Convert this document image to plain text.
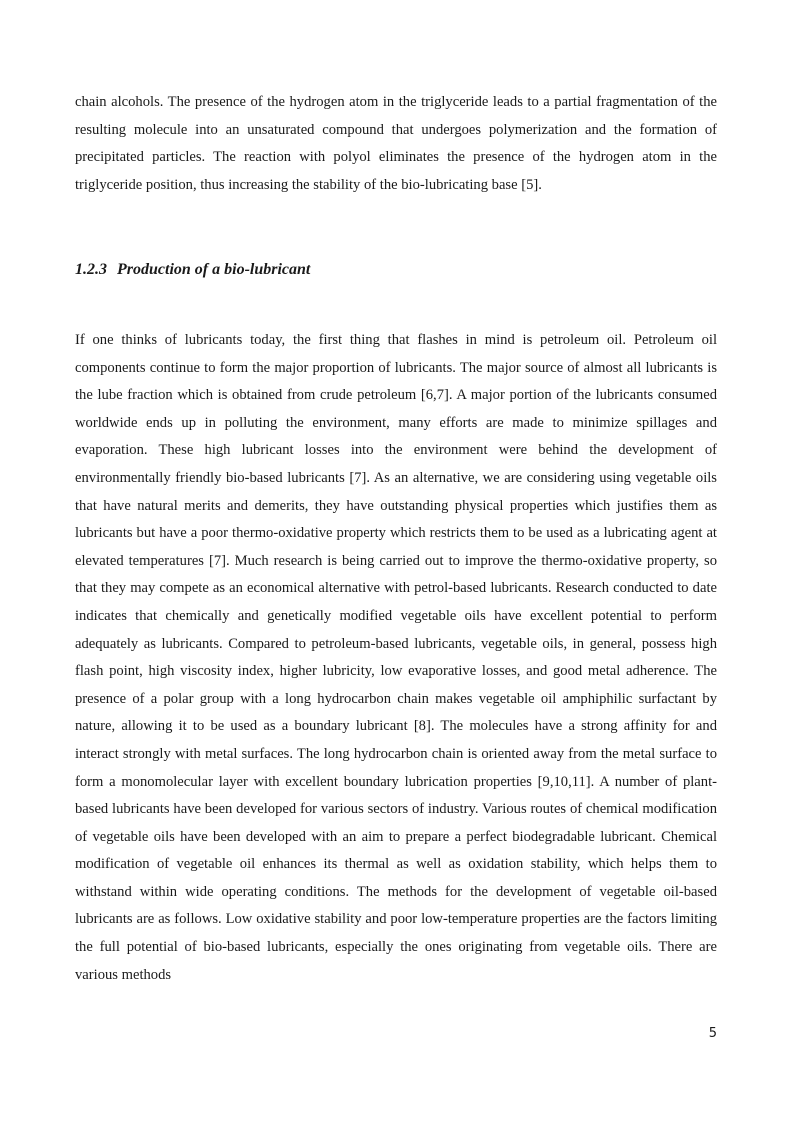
chain alcohols. The presence of the hydrogen atom in the triglyceride leads to a partial fragmentation of the resulting molecule into an unsaturated compound that undergoes polymerization and the formation of precipitated particles. The reaction with polyol eliminates the presence of the hydrogen atom in the triglyceride position, thus increasing the stability of the bio-lubricating base [5].

1.2.3 Production of a bio-lubricant

If one thinks of lubricants today, the first thing that flashes in mind is petroleum oil. Petroleum oil components continue to form the major proportion of lubricants. The major source of almost all lubricants is the lube fraction which is obtained from crude petroleum [6,7]. A major portion of the lubricants consumed worldwide ends up in polluting the environment, many efforts are made to minimize spillages and evaporation. These high lubricant losses into the environment were behind the development of environmentally friendly bio-based lubricants [7]. As an alternative, we are considering using vegetable oils that have natural merits and demerits, they have outstanding physical properties which justifies them as lubricants but have a poor thermo-oxidative property which restricts them to be used as a lubricating agent at elevated temperatures [7]. Much research is being carried out to improve the thermo-oxidative property, so that they may compete as an economical alternative with petrol-based lubricants. Research conducted to date indicates that chemically and genetically modified vegetable oils have excellent potential to perform adequately as lubricants. Compared to petroleum-based lubricants, vegetable oils, in general, possess high flash point, high viscosity index, higher lubricity, low evaporative losses, and good metal adherence. The presence of a polar group with a long hydrocarbon chain makes vegetable oil amphiphilic surfactant by nature, allowing it to be used as a boundary lubricant [8]. The molecules have a strong affinity for and interact strongly with metal surfaces. The long hydrocarbon chain is oriented away from the metal surface to form a monomolecular layer with excellent boundary lubrication properties [9,10,11]. A number of plant-based lubricants have been developed for various sectors of industry. Various routes of chemical modification of vegetable oils have been developed with an aim to prepare a perfect biodegradable lubricant. Chemical modification of vegetable oil enhances its thermal as well as oxidation stability, which helps them to withstand within wide operating conditions. The methods for the development of vegetable oil-based lubricants are as follows. Low oxidative stability and poor low-temperature properties are the factors limiting the full potential of bio-based lubricants, especially the ones originating from vegetable oils. There are various methods

5
